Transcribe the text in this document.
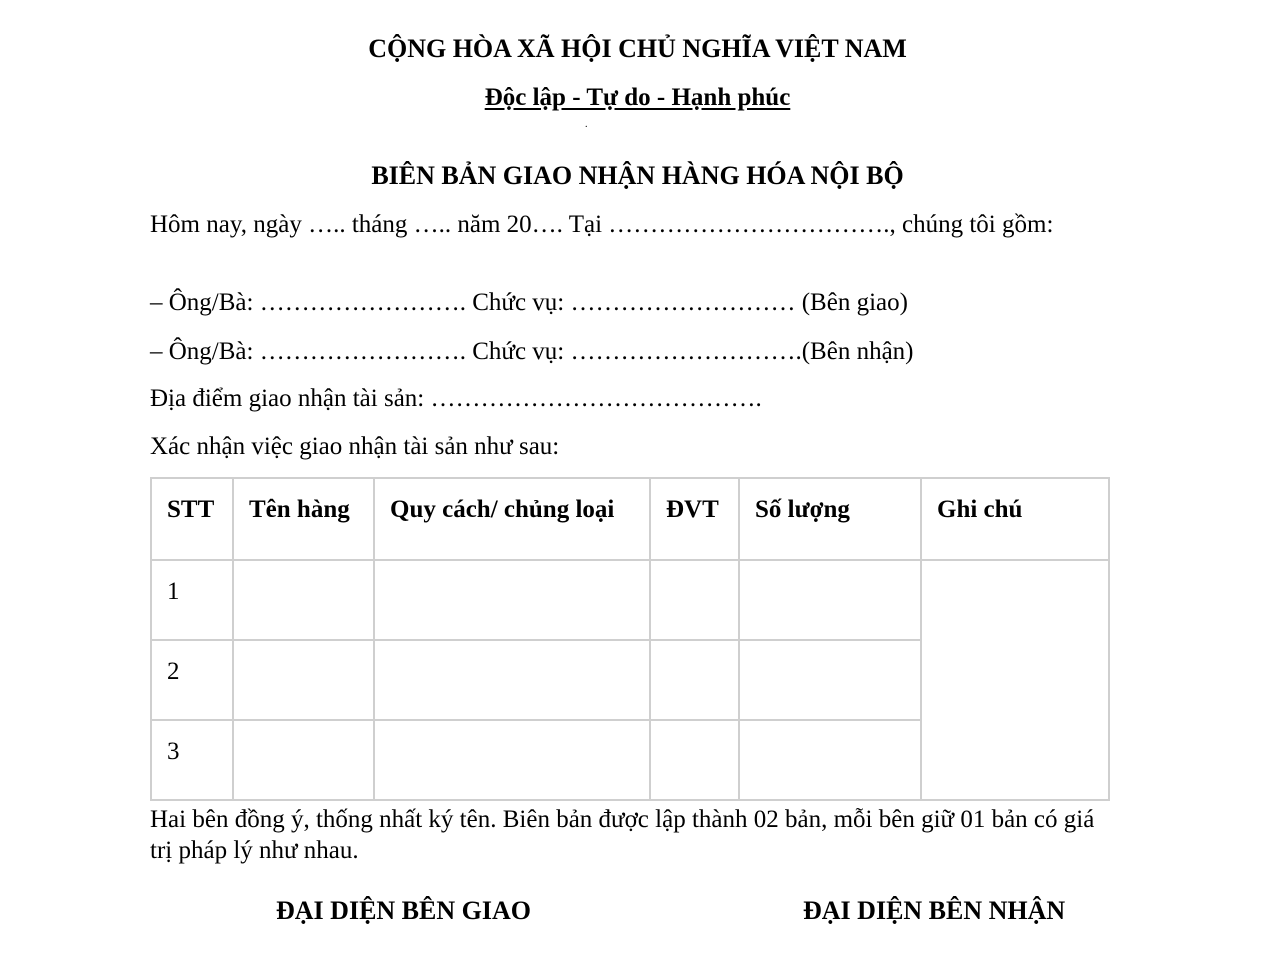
CỘNG HÒA XÃ HỘI CHỦ NGHĨA VIỆT NAM
Độc lập - Tự do - Hạnh phúc
.
BIÊN BẢN GIAO NHẬN HÀNG HÓA NỘI BỘ
Hôm nay, ngày ….. tháng ….. năm 20…. Tại ……………………………., chúng tôi gồm:
– Ông/Bà: ……………………. Chức vụ: ……………………… (Bên giao)
– Ông/Bà: ……………………. Chức vụ: ……………………….(Bên nhận)
Địa điểm giao nhận tài sản: ………………………………….
Xác nhận việc giao nhận tài sản như sau:
STT	Tên hàng	Quy cách/ chủng loại	ĐVT	Số lượng	Ghi chú
1					
2					
3					
Hai bên đồng ý, thống nhất ký tên. Biên bản được lập thành 02 bản, mỗi bên giữ 01 bản có giá trị pháp lý như nhau.
ĐẠI DIỆN BÊN GIAO	ĐẠI DIỆN BÊN NHẬN
